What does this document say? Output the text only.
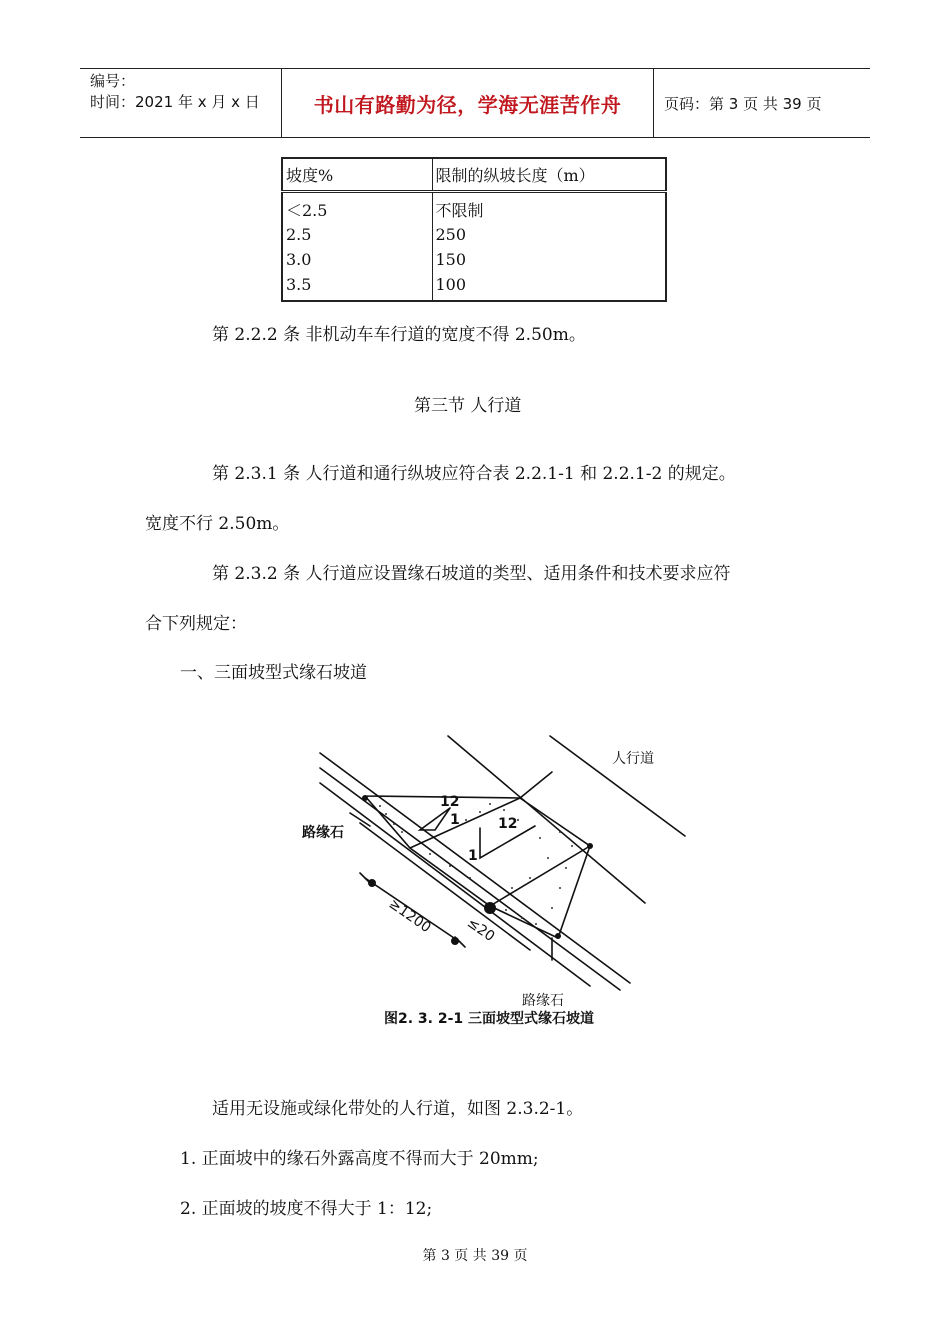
编号：
时间：2021 年 x 月 x 日	书山有路勤为径，学海无涯苦作舟	页码：第 3 页 共 39 页
坡度%	限制的纵坡长度（m）
＜2.5	不限制
2.5	250
3.0	150
3.5	100
第 2.2.2 条 非机动车车行道的宽度不得 2.50m。
第三节 人行道
第 2.3.1 条 人行道和通行纵坡应符合表 2.2.1-1 和 2.2.1-2 的规定。
宽度不行 2.50m。
第 2.3.2 条 人行道应设置缘石坡道的类型、适用条件和技术要求应符
合下列规定：
一、三面坡型式缘石坡道
人行道
路缘石
路缘石
12
1	12
1
≥1200 ≤20
图2. 3. 2-1 三面坡型式缘石坡道
适用无设施或绿化带处的人行道，如图 2.3.2-1。
1. 正面坡中的缘石外露高度不得而大于 20mm;
2. 正面坡的坡度不得大于 1：12;
第 3 页 共 39 页
